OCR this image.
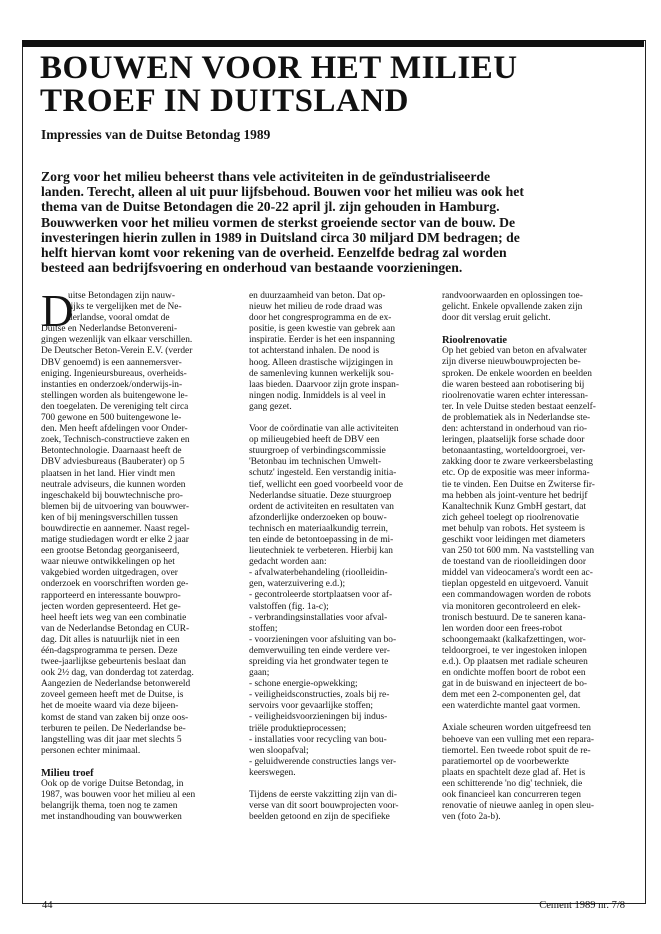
BOUWEN VOOR HET MILIEU
TROEF IN DUITSLAND

Impressies van de Duitse Betondag 1989

Zorg voor het milieu beheerst thans vele activiteiten in de geïndustrialiseerde
landen. Terecht, alleen al uit puur lijfsbehoud. Bouwen voor het milieu was ook het
thema van de Duitse Betondagen die 20-22 april jl. zijn gehouden in Hamburg.
Bouwwerken voor het milieu vormen de sterkst groeiende sector van de bouw. De
investeringen hierin zullen in 1989 in Duitsland circa 30 miljard DM bedragen; de
helft hiervan komt voor rekening van de overheid. Eenzelfde bedrag zal worden
besteed aan bedrijfsvoering en onderhoud van bestaande voorzieningen.

D
uitse Betondagen zijn nauw-
lijks te vergelijken met de Ne-
derlandse, vooral omdat de
Duitse en Nederlandse Betonvereni-
gingen wezenlijk van elkaar verschillen.
De Deutscher Beton-Verein E.V. (verder
DBV genoemd) is een aannemersver-
eniging. Ingenieursbureaus, overheids-
instanties en onderzoek/onderwijs-in-
stellingen worden als buitengewone le-
den toegelaten. De vereniging telt circa
700 gewone en 500 buitengewone le-
den. Men heeft afdelingen voor Onder-
zoek, Technisch-constructieve zaken en
Betontechnologie. Daarnaast heeft de
DBV adviesbureaus (Bauberater) op 5
plaatsen in het land. Hier vindt men
neutrale adviseurs, die kunnen worden
ingeschakeld bij bouwtechnische pro-
blemen bij de uitvoering van bouwwer-
ken of bij meningsverschillen tussen
bouwdirectie en aannemer. Naast regel-
matige studiedagen wordt er elke 2 jaar
een grootse Betondag georganiseerd,
waar nieuwe ontwikkelingen op het
vakgebied worden uitgedragen, over
onderzoek en voorschriften worden ge-
rapporteerd en interessante bouwpro-
jecten worden gepresenteerd. Het ge-
heel heeft iets weg van een combinatie
van de Nederlandse Betondag en CUR-
dag. Dit alles is natuurlijk niet in een
één-dagsprogramma te persen. Deze
twee-jaarlijkse gebeurtenis beslaat dan
ook 2½ dag, van donderdag tot zaterdag.
Aangezien de Nederlandse betonwereld
zoveel gemeen heeft met de Duitse, is
het de moeite waard via deze bijeen-
komst de stand van zaken bij onze oos-
terburen te peilen. De Nederlandse be-
langstelling was dit jaar met slechts 5
personen echter minimaal.
Milieu troef
Ook op de vorige Duitse Betondag, in
1987, was bouwen voor het milieu al een
belangrijk thema, toen nog te zamen
met instandhouding van bouwwerken
en duurzaamheid van beton. Dat op-
nieuw het milieu de rode draad was
door het congresprogramma en de ex-
positie, is geen kwestie van gebrek aan
inspiratie. Eerder is het een inspanning
tot achterstand inhalen. De nood is
hoog. Alleen drastische wijzigingen in
de samenleving kunnen werkelijk sou-
laas bieden. Daarvoor zijn grote inspan-
ningen nodig. Inmiddels is al veel in
gang gezet.
Voor de coördinatie van alle activiteiten
op milieugebied heeft de DBV een
stuurgroep of verbindingscommissie
'Betonbau im technischen Umwelt-
schutz' ingesteld. Een verstandig initia-
tief, wellicht een goed voorbeeld voor de
Nederlandse situatie. Deze stuurgroep
ordent de activiteiten en resultaten van
afzonderlijke onderzoeken op bouw-
technisch en materiaalkundig terrein,
ten einde de betontoepassing in de mi-
lieutechniek te verbeteren. Hierbij kan
gedacht worden aan:
- afvalwaterbehandeling (rioolleidin-
gen, waterzuivering e.d.);
- gecontroleerde stortplaatsen voor af-
valstoffen (fig. 1a-c);
- verbrandingsinstallaties voor afval-
stoffen;
- voorzieningen voor afsluiting van bo-
demverwuiling ten einde verdere ver-
spreiding via het grondwater tegen te
gaan;
- schone energie-opwekking;
- veiligheidsconstructies, zoals bij re-
servoirs voor gevaarlijke stoffen;
- veiligheidsvoorzieningen bij indus-
triële produktieprocessen;
- installaties voor recycling van bou-
wen sloopafval;
- geluidwerende constructies langs ver-
keerswegen.
Tijdens de eerste vakzitting zijn van di-
verse van dit soort bouwprojecten voor-
beelden getoond en zijn de specifieke
randvoorwaarden en oplossingen toe-
gelicht. Enkele opvallende zaken zijn
door dit verslag eruit gelicht.
Rioolrenovatie
Op het gebied van beton en afvalwater
zijn diverse nieuwbouwprojecten be-
sproken. De enkele woorden en beelden
die waren besteed aan robotisering bij
rioolrenovatie waren echter interessan-
ter. In vele Duitse steden bestaat eenzelf-
de problematiek als in Nederlandse ste-
den: achterstand in onderhoud van rio-
leringen, plaatselijk forse schade door
betonaantasting, worteldoorgroei, ver-
zakking door te zware verkeersbelasting
etc. Op de expositie was meer informa-
tie te vinden. Een Duitse en Zwiterse fir-
ma hebben als joint-venture het bedrijf
Kanaltechnik Kunz GmbH gestart, dat
zich geheel toelegt op rioolrenovatie
met behulp van robots. Het systeem is
geschikt voor leidingen met diameters
van 250 tot 600 mm. Na vaststelling van
de toestand van de rioolleidingen door
middel van videocamera's wordt een ac-
tieplan opgesteld en uitgevoerd. Vanuit
een commandowagen worden de robots
via monitoren gecontroleerd en elek-
tronisch bestuurd. De te saneren kana-
len worden door een frees-robot
schoongemaakt (kalkafzettingen, wor-
teldoorgroei, te ver ingestoken inlopen
e.d.). Op plaatsen met radiale scheuren
en ondichte moffen boort de robot een
gat in de buiswand en injecteert de bo-
dem met een 2-componenten gel, dat
een waterdichte mantel gaat vormen.
Axiale scheuren worden uitgefreesd ten
behoeve van een vulling met een repara-
tiemortel. Een tweede robot spuit de re-
paratiemortel op de voorbewerkte
plaats en spachtelt deze glad af. Het is
een schitterende 'no dig' techniek, die
ook financieel kan concurreren tegen
renovatie of nieuwe aanleg in open sleu-
ven (foto 2a-b).
44	Cement 1989 nr. 7/8
